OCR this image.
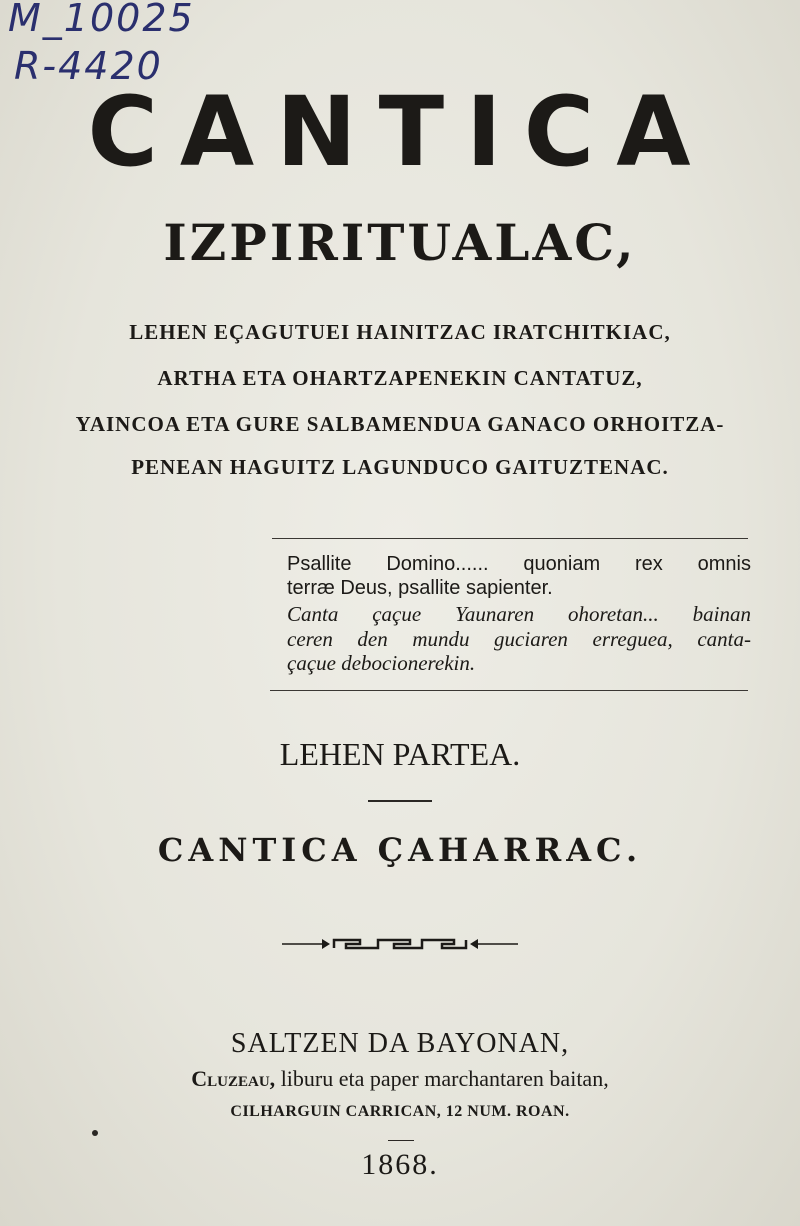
M_10025
R-4420
CANTICA
IZPIRITUALAC,
LEHEN EÇAGUTUEI HAINITZAC IRATCHITKIAC,
ARTHA ETA OHARTZAPENEKIN CANTATUZ,
YAINCOA ETA GURE SALBAMENDUA GANACO ORHOITZA-
PENEAN HAGUITZ LAGUNDUCO GAITUZTENAC.
Psallite Domino...... quoniam rex omnis
terræ Deus, psallite sapienter.
Canta çaçue Yaunaren ohoretan... bainan
ceren den mundu guciaren erreguea, canta-
çaçue debocionerekin.
LEHEN PARTEA.
CANTICA ÇAHARRAC.
SALTZEN DA BAYONAN,
Cluzeau, liburu eta paper marchantaren baitan,
CILHARGUIN CARRICAN, 12 NUM. ROAN.
1868.
